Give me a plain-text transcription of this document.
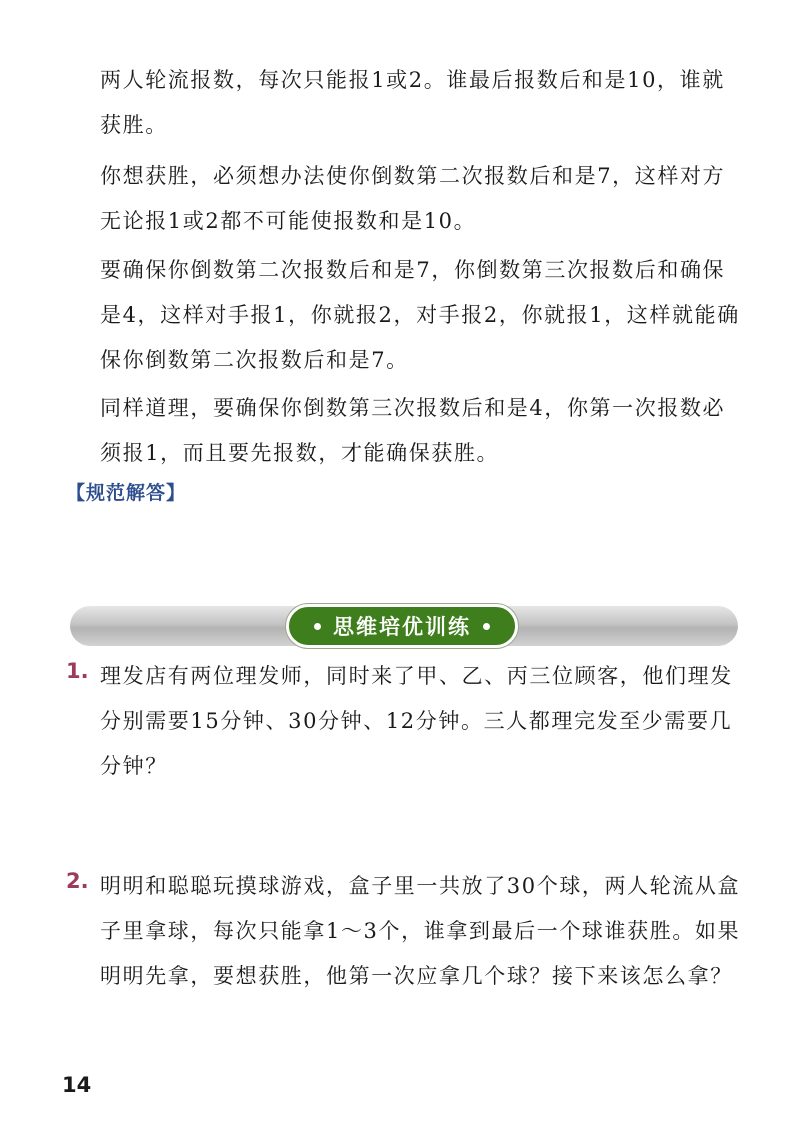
两人轮流报数，每次只能报1或2。谁最后报数后和是10，谁就获胜。

你想获胜，必须想办法使你倒数第二次报数后和是7，这样对方无论报1或2都不可能使报数和是10。

要确保你倒数第二次报数后和是7，你倒数第三次报数后和确保是4，这样对手报1，你就报2，对手报2，你就报1，这样就能确保你倒数第二次报数后和是7。

同样道理，要确保你倒数第三次报数后和是4，你第一次报数必须报1，而且要先报数，才能确保获胜。

【规范解答】
思维培优训练
1. 理发店有两位理发师，同时来了甲、乙、丙三位顾客，他们理发分别需要15分钟、30分钟、12分钟。三人都理完发至少需要几分钟？

2. 明明和聪聪玩摸球游戏，盒子里一共放了30个球，两人轮流从盒子里拿球，每次只能拿1～3个，谁拿到最后一个球谁获胜。如果明明先拿，要想获胜，他第一次应拿几个球？接下来该怎么拿？

14
